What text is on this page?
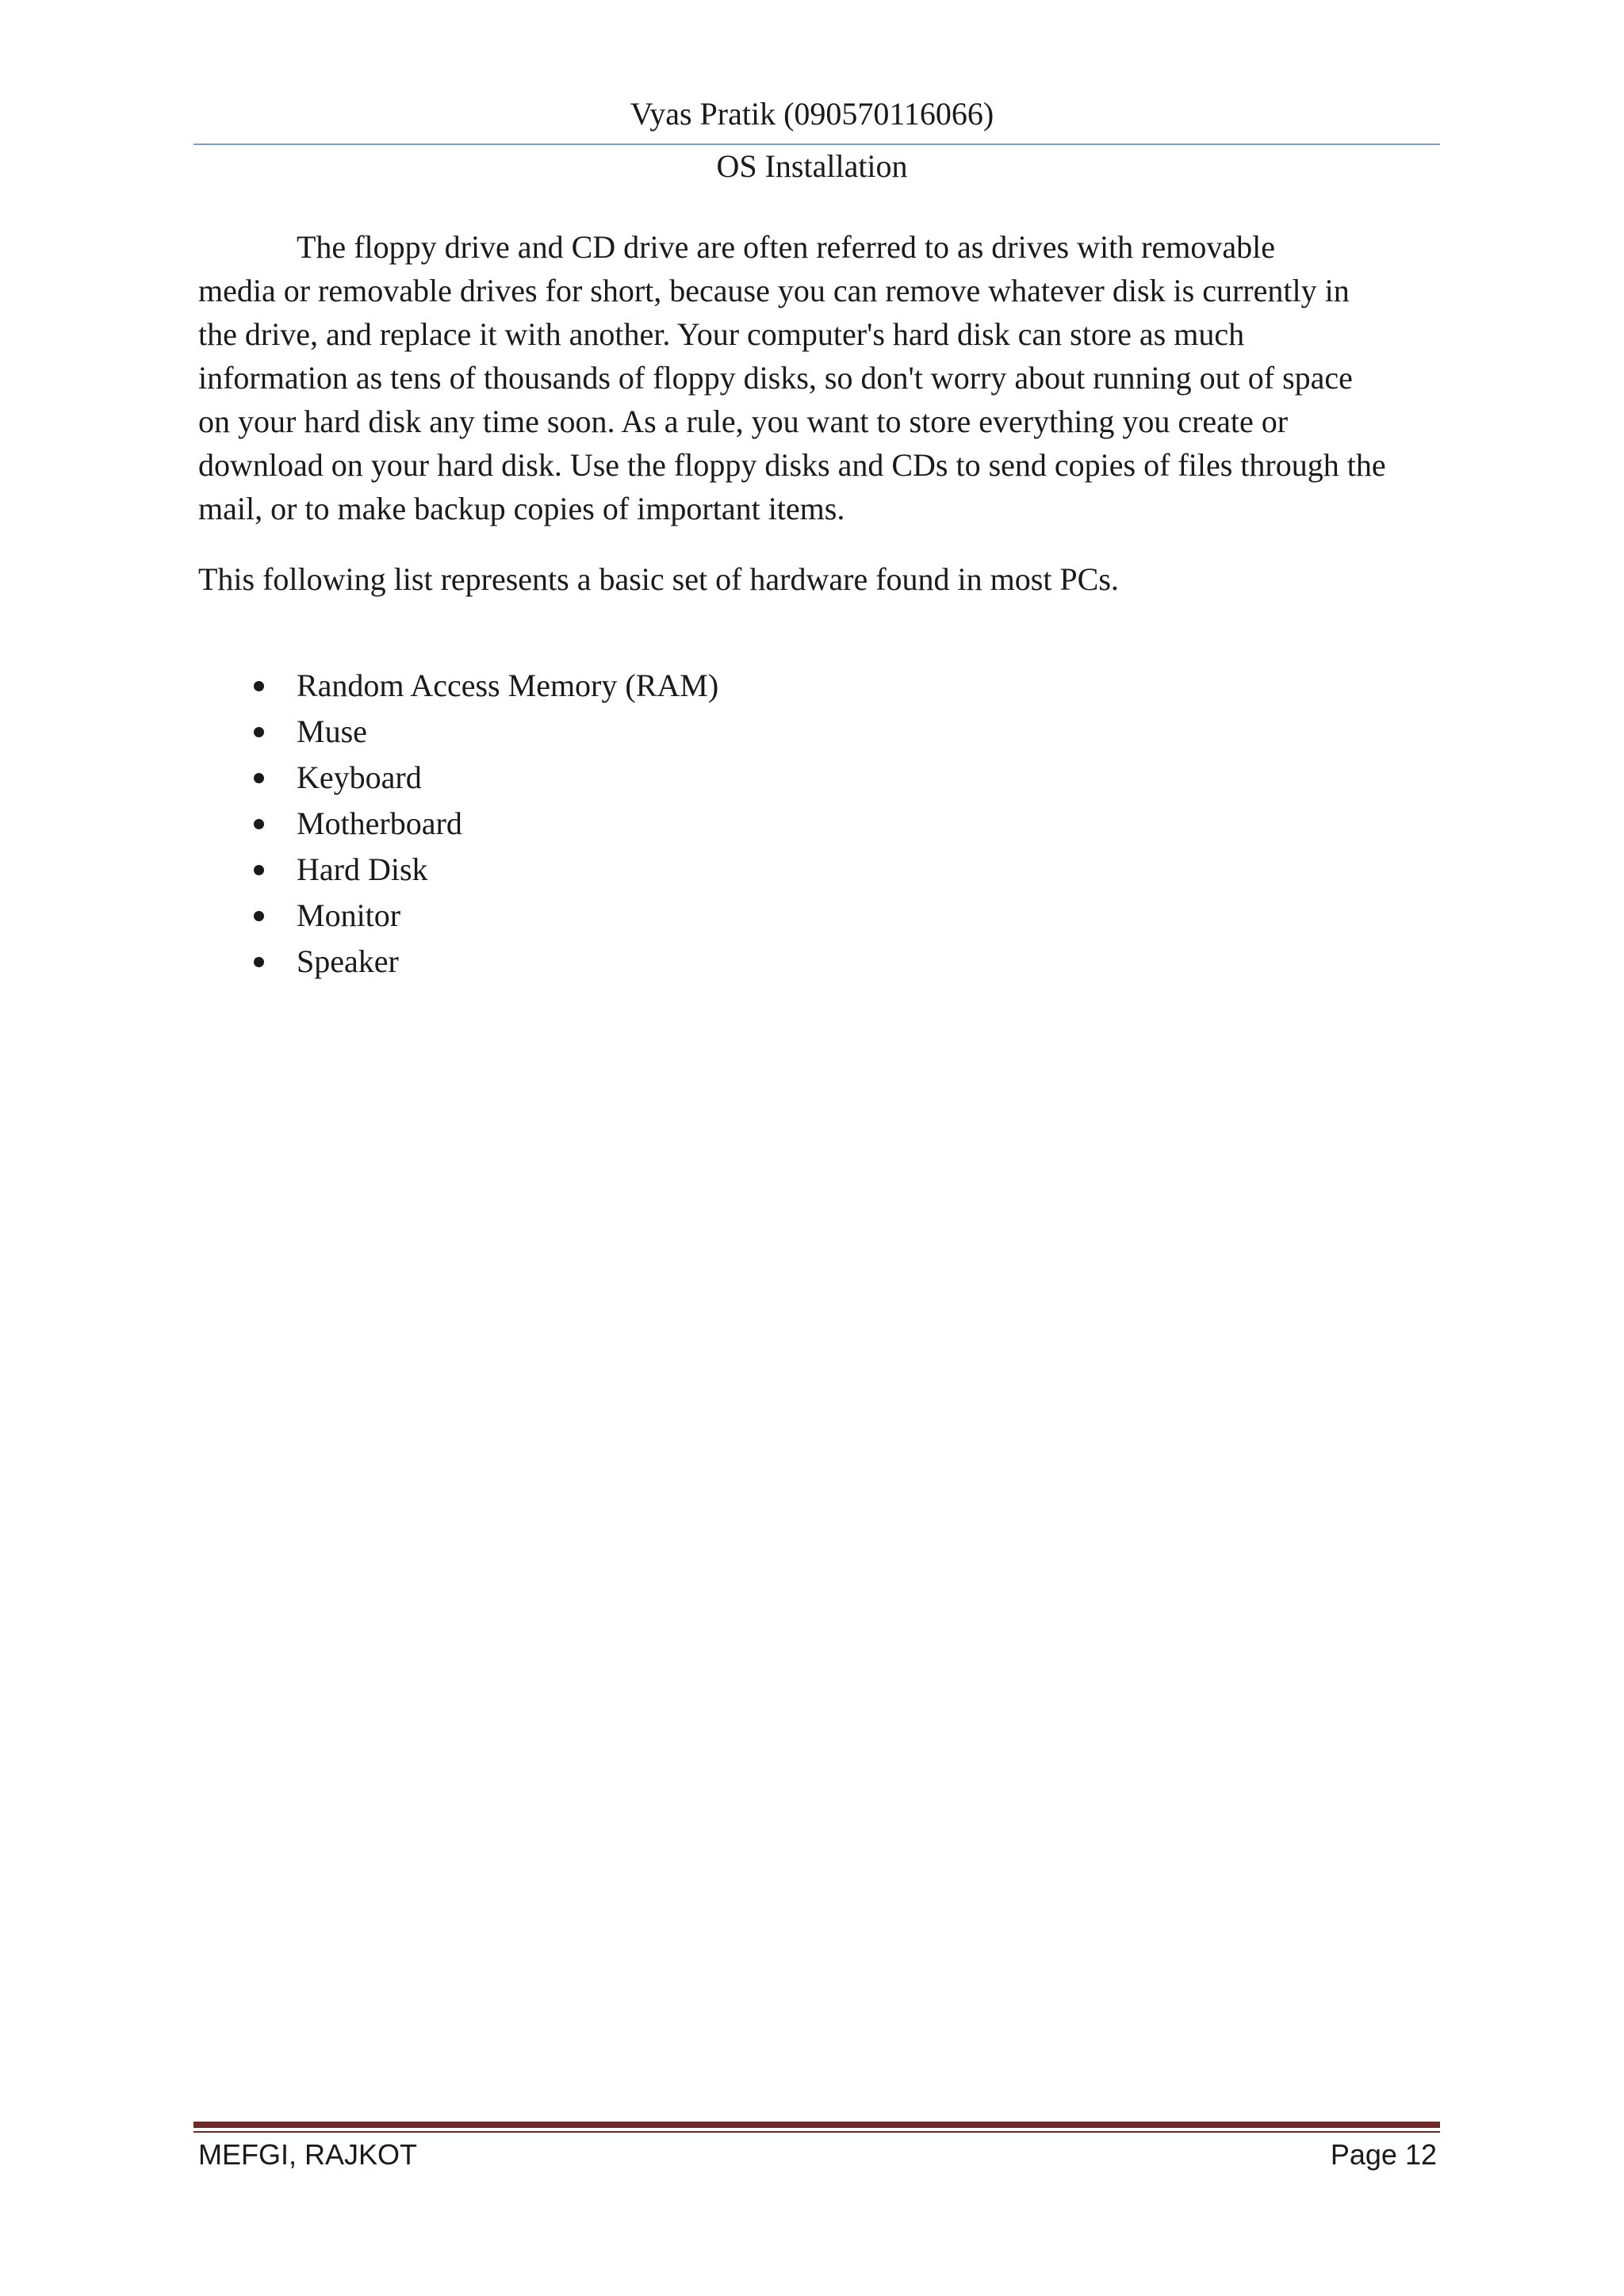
Vyas Pratik (090570116066)
OS Installation

The floppy drive and CD drive are often referred to as drives with removable
media or removable drives for short, because you can remove whatever disk is currently in
the drive, and replace it with another. Your computer's hard disk can store as much
information as tens of thousands of floppy disks, so don't worry about running out of space
on your hard disk any time soon. As a rule, you want to store everything you create or
download on your hard disk. Use the floppy disks and CDs to send copies of files through the
mail, or to make backup copies of important items.

This following list represents a basic set of hardware found in most PCs.

Random Access Memory (RAM)
Muse
Keyboard
Motherboard
Hard Disk
Monitor
Speaker
MEFGI, RAJKOT	Page 12
